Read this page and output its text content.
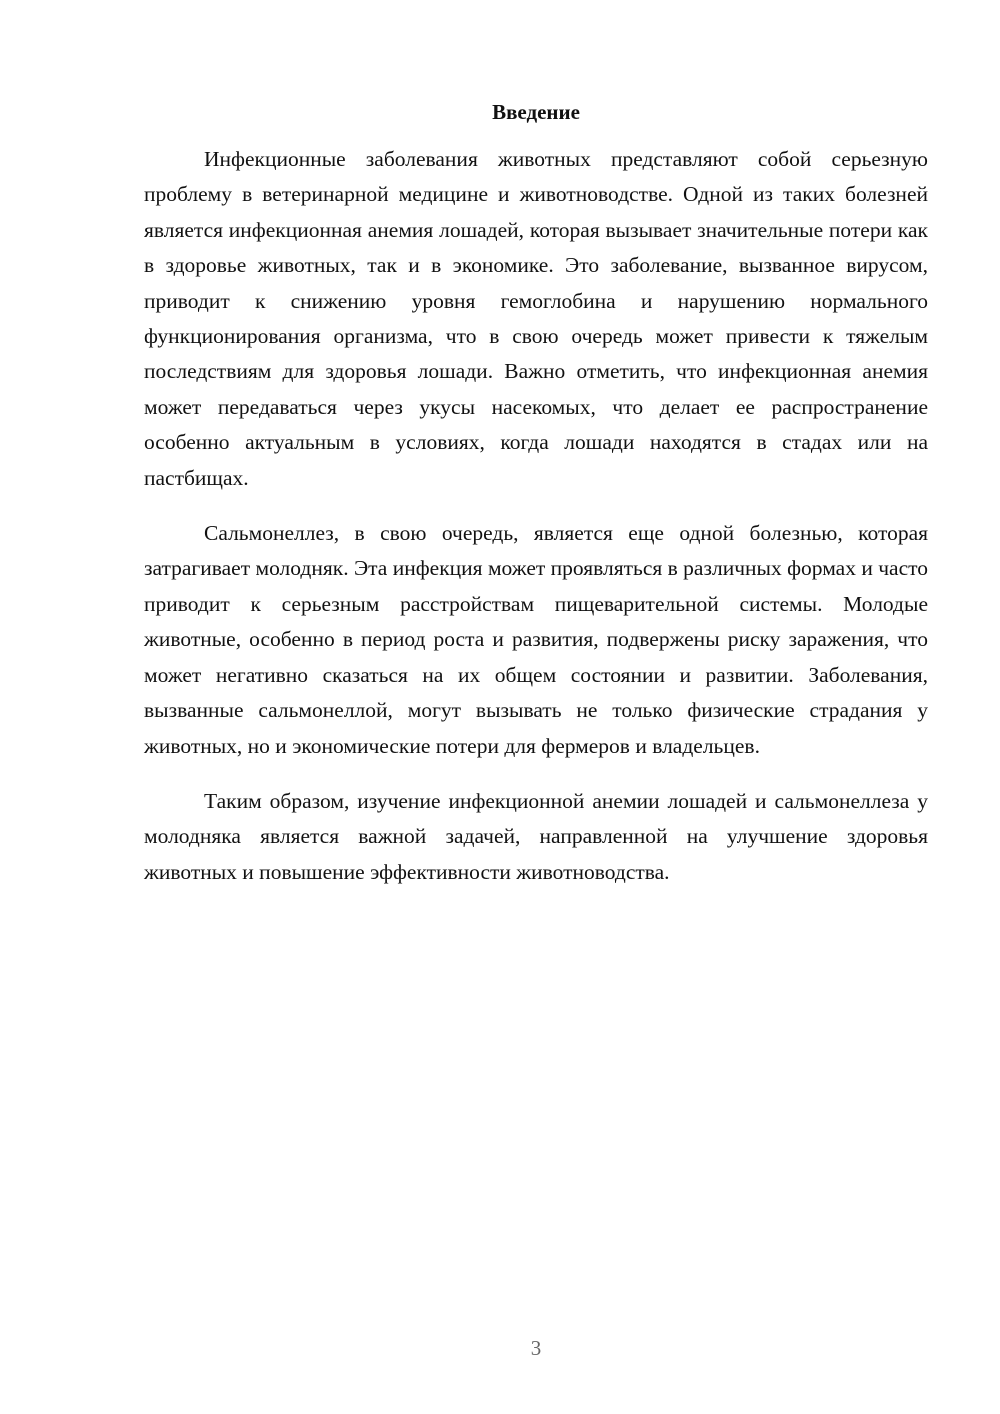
Введение

Инфекционные заболевания животных представляют собой серьезную проблему в ветеринарной медицине и животноводстве. Одной из таких болезней является инфекционная анемия лошадей, которая вызывает значительные потери как в здоровье животных, так и в экономике. Это заболевание, вызванное вирусом, приводит к снижению уровня гемоглобина и нарушению нормального функционирования организма, что в свою очередь может привести к тяжелым последствиям для здоровья лошади. Важно отметить, что инфекционная анемия может передаваться через укусы насекомых, что делает ее распространение особенно актуальным в условиях, когда лошади находятся в стадах или на пастбищах.

Сальмонеллез, в свою очередь, является еще одной болезнью, которая затрагивает молодняк. Эта инфекция может проявляться в различных формах и часто приводит к серьезным расстройствам пищеварительной системы. Молодые животные, особенно в период роста и развития, подвержены риску заражения, что может негативно сказаться на их общем состоянии и развитии. Заболевания, вызванные сальмонеллой, могут вызывать не только физические страдания у животных, но и экономические потери для фермеров и владельцев.

Таким образом, изучение инфекционной анемии лошадей и сальмонеллеза у молодняка является важной задачей, направленной на улучшение здоровья животных и повышение эффективности животноводства.

3
